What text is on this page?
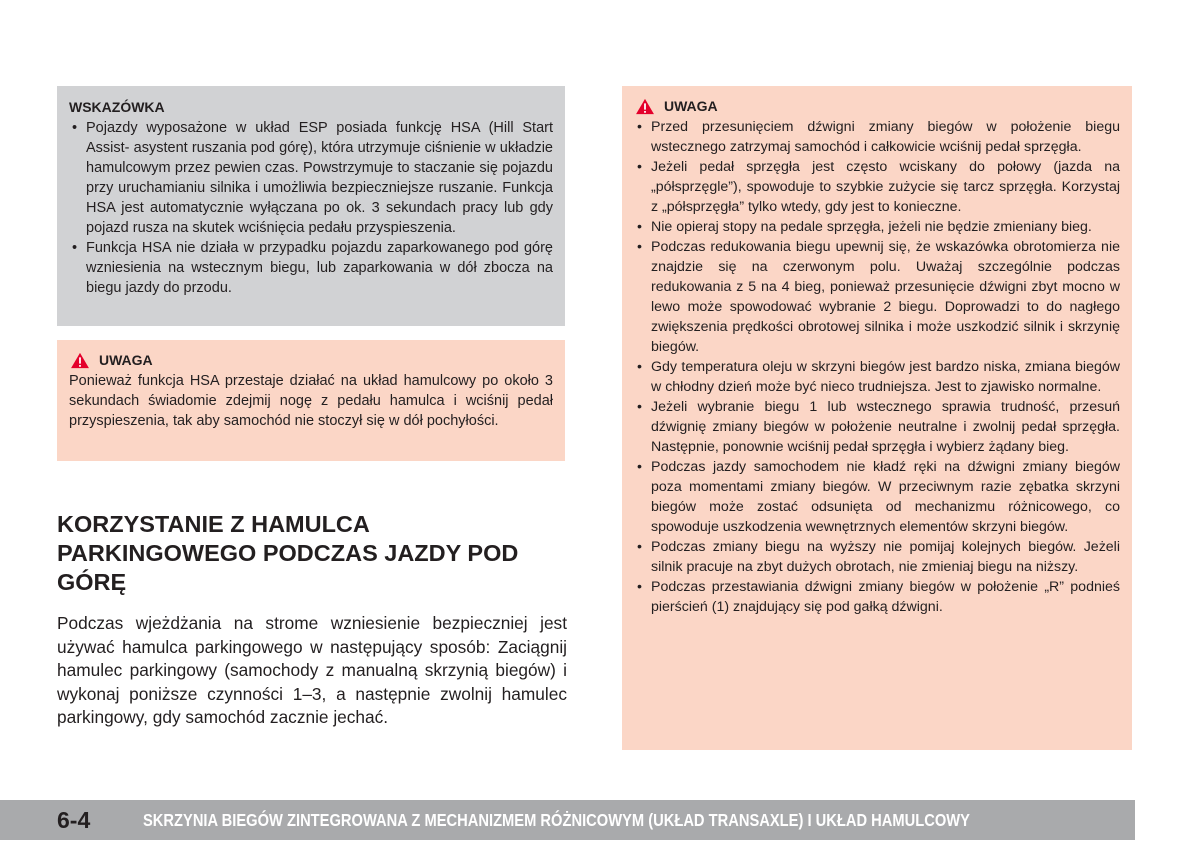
WSKAZÓWKA
• Pojazdy wyposażone w układ ESP posiada funkcję HSA (Hill Start Assist- asystent ruszania pod górę), która utrzymuje ciśnienie w układzie hamulcowym przez pewien czas. Powstrzymuje to staczanie się pojazdu przy uruchamianiu silnika i umożliwia bezpieczniejsze ruszanie. Funkcja HSA jest automatycznie wyłączana po ok. 3 sekundach pracy lub gdy pojazd rusza na skutek wciśnięcia pedału przyspieszenia.
• Funkcja HSA nie działa w przypadku pojazdu zaparkowanego pod górę wzniesienia na wstecznym biegu, lub zaparkowania w dół zbocza na biegu jazdy do przodu.
UWAGA
Ponieważ funkcja HSA przestaje działać na układ hamulcowy po około 3 sekundach świadomie zdejmij nogę z pedału hamulca i wciśnij pedał przyspieszenia, tak aby samochód nie stoczył się w dół pochyłości.
KORZYSTANIE Z HAMULCA PARKINGOWEGO PODCZAS JAZDY POD GÓRĘ
Podczas wjeżdżania na strome wzniesienie bezpieczniej jest używać hamulca parkingowego w następujący sposób: Zaciągnij hamulec parkingowy (samochody z manualną skrzynią biegów) i wykonaj poniższe czynności 1–3, a następnie zwolnij hamulec parkingowy, gdy samochód zacznie jechać.
UWAGA
• Przed przesunięciem dźwigni zmiany biegów w położenie biegu wstecznego zatrzymaj samochód i całkowicie wciśnij pedał sprzęgła.
• Jeżeli pedał sprzęgła jest często wciskany do połowy (jazda na „półsprzęgle”), spowoduje to szybkie zużycie się tarcz sprzęgła. Korzystaj z „półsprzęgła” tylko wtedy, gdy jest to konieczne.
• Nie opieraj stopy na pedale sprzęgła, jeżeli nie będzie zmieniany bieg.
• Podczas redukowania biegu upewnij się, że wskazówka obrotomierza nie znajdzie się na czerwonym polu. Uważaj szczególnie podczas redukowania z 5 na 4 bieg, ponieważ przesunięcie dźwigni zbyt mocno w lewo może spowodować wybranie 2 biegu. Doprowadzi to do nagłego zwiększenia prędkości obrotowej silnika i może uszkodzić silnik i skrzynię biegów.
• Gdy temperatura oleju w skrzyni biegów jest bardzo niska, zmiana biegów w chłodny dzień może być nieco trudniejsza. Jest to zjawisko normalne.
• Jeżeli wybranie biegu 1 lub wstecznego sprawia trudność, przesuń dźwignię zmiany biegów w położenie neutralne i zwolnij pedał sprzęgła. Następnie, ponownie wciśnij pedał sprzęgła i wybierz żądany bieg.
• Podczas jazdy samochodem nie kładź ręki na dźwigni zmiany biegów poza momentami zmiany biegów. W przeciwnym razie zębatka skrzyni biegów może zostać odsunięta od mechanizmu różnicowego, co spowoduje uszkodzenia wewnętrznych elementów skrzyni biegów.
• Podczas zmiany biegu na wyższy nie pomijaj kolejnych biegów. Jeżeli silnik pracuje na zbyt dużych obrotach, nie zmieniaj biegu na niższy.
• Podczas przestawiania dźwigni zmiany biegów w położenie „R” podnieś pierścień (1) znajdujący się pod gałką dźwigni.
6-4	SKRZYNIA BIEGÓW ZINTEGROWANA Z MECHANIZMEM RÓŻNICOWYM (UKŁAD TRANSAXLE) I UKŁAD HAMULCOWY
